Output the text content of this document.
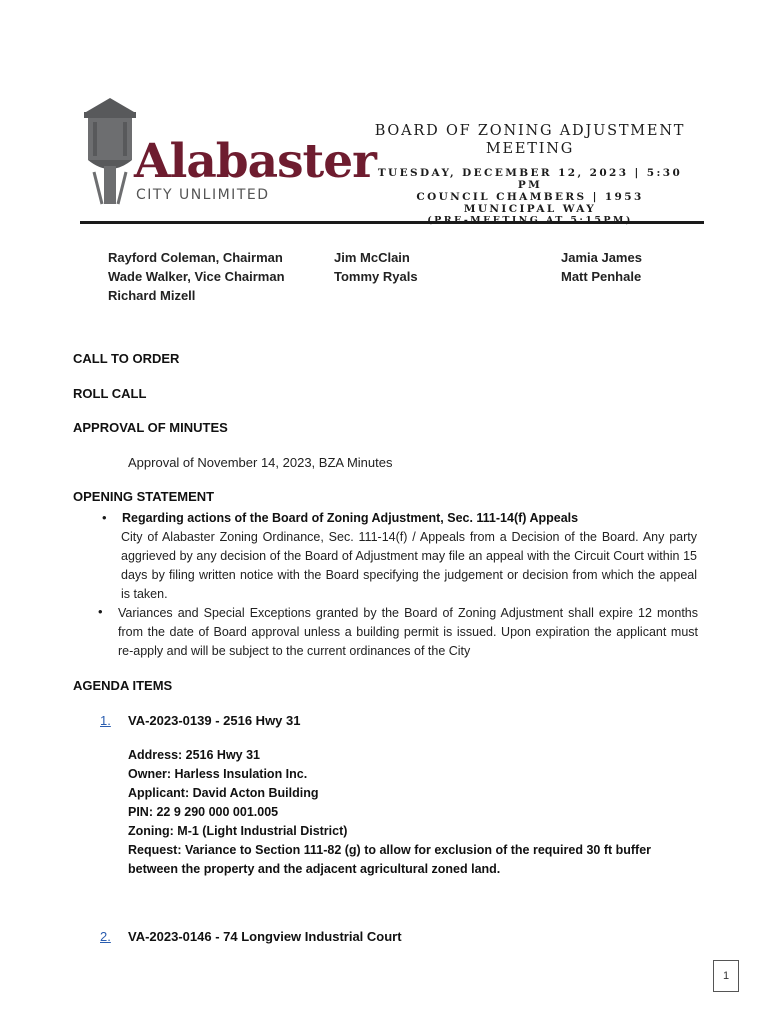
Alabaster
CITY UNLIMITED
BOARD OF ZONING ADJUSTMENT
MEETING
TUESDAY, DECEMBER 12, 2023 | 5:30 PM
COUNCIL CHAMBERS | 1953 MUNICIPAL WAY
Rayford Coleman, Chairman
Wade Walker, Vice Chairman
Richard Mizell
Jim McClain
Tommy Ryals
Jamia James
Matt Penhale
CALL TO ORDER
ROLL CALL
APPROVAL OF MINUTES
Approval of November 14, 2023, BZA Minutes
OPENING STATEMENT
• Regarding actions of the Board of Zoning Adjustment, Sec. 111-14(f) Appeals
City of Alabaster Zoning Ordinance, Sec. 111-14(f) / Appeals from a Decision of the Board. Any party aggrieved by any decision of the Board of Adjustment may file an appeal with the Circuit Court within 15 days by filing written notice with the Board specifying the judgement or decision from which the appeal is taken.
• Variances and Special Exceptions granted by the Board of Zoning Adjustment shall expire 12 months from the date of Board approval unless a building permit is issued. Upon expiration the applicant must re-apply and will be subject to the current ordinances of the City
AGENDA ITEMS
1. VA-2023-0139 - 2516 Hwy 31
Address: 2516 Hwy 31
Owner: Harless Insulation Inc.
Applicant: David Acton Building
PIN: 22 9 290 000 001.005
Zoning: M-1 (Light Industrial District)
Request: Variance to Section 111-82 (g) to allow for exclusion of the required 30 ft buffer between the property and the adjacent agricultural zoned land.
2. VA-2023-0146 - 74 Longview Industrial Court
1
